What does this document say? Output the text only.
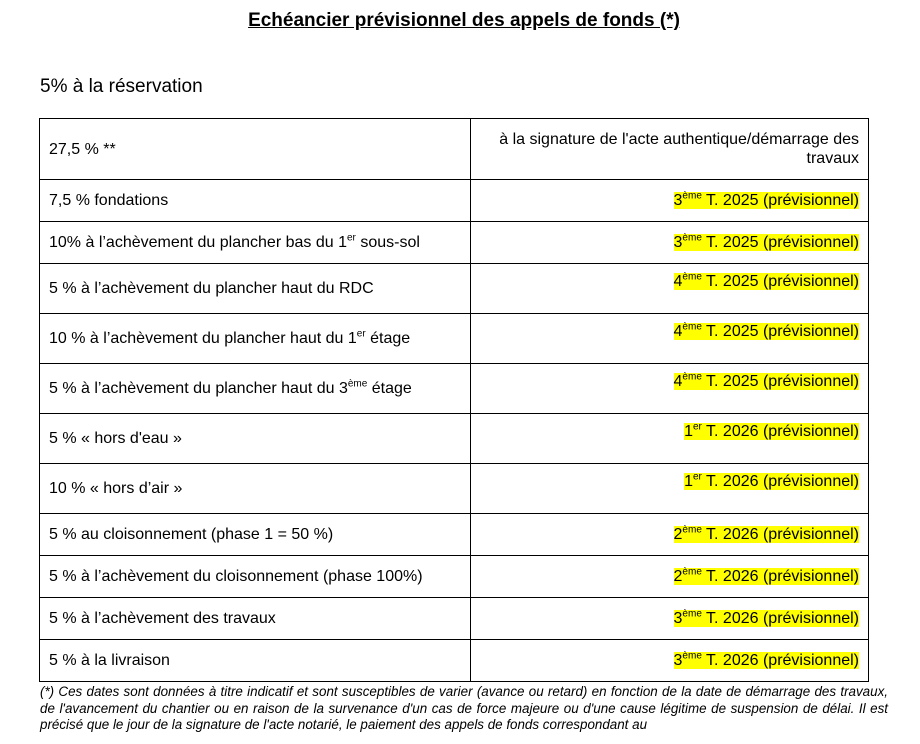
Echéancier prévisionnel des appels de fonds (*)

5% à la réservation

27,5 % **	à la signature de l'acte authentique/démarrage des travaux
7,5 % fondations	3ème T. 2025 (prévisionnel)
10% à l’achèvement du plancher bas du 1er sous-sol	3ème T. 2025 (prévisionnel)
5 % à l’achèvement du plancher haut du RDC	4ème T. 2025 (prévisionnel)
10 % à l’achèvement du plancher haut du 1er étage	4ème T. 2025 (prévisionnel)
5 % à l’achèvement du plancher haut du 3ème étage	4ème T. 2025 (prévisionnel)
5 % « hors d'eau »	1er T. 2026 (prévisionnel)
10 % « hors d’air »	1er T. 2026 (prévisionnel)
5 % au cloisonnement (phase 1 = 50 %)	2ème T. 2026 (prévisionnel)
5 % à l’achèvement du cloisonnement (phase 100%)	2ème T. 2026 (prévisionnel)
5 % à l’achèvement des travaux	3ème T. 2026 (prévisionnel)
5 % à la livraison	3ème T. 2026 (prévisionnel)

(*) Ces dates sont données à titre indicatif et sont susceptibles de varier (avance ou retard) en fonction de la date de démarrage des travaux, de l'avancement du chantier ou en raison de la survenance d'un cas de force majeure ou d'une cause légitime de suspension de délai. Il est précisé que le jour de la signature de l'acte notarié, le paiement des appels de fonds correspondant au
